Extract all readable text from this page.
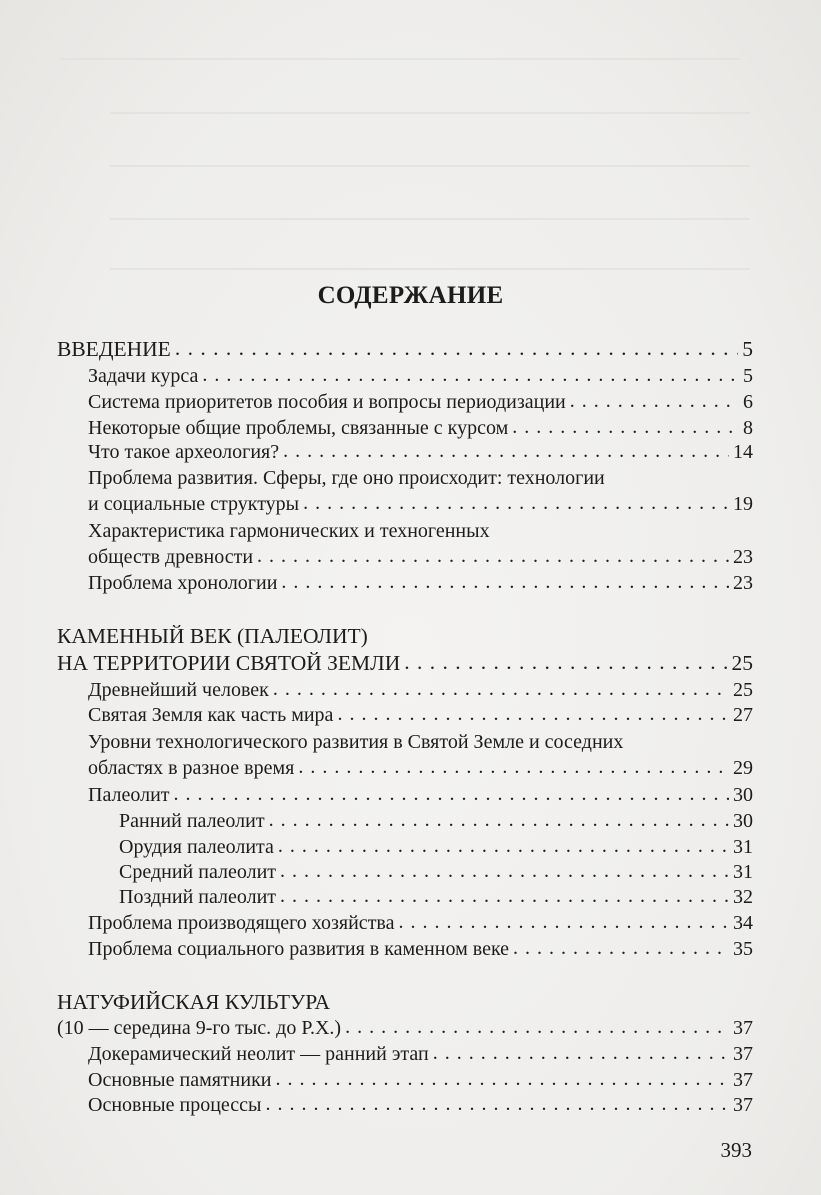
СОДЕРЖАНИЕ
ВВЕДЕНИЕ . . .	5
Задачи курса . . .	5
Система приоритетов пособия и вопросы периодизации . . .	6
Некоторые общие проблемы, связанные с курсом . . .	8
Что такое археология? . . .	14
Проблема развития. Сферы, где оно происходит: технологии
и социальные структуры . . .	19
Характеристика гармонических и техногенных
обществ древности . . .	23
Проблема хронологии . . .	23
КАМЕННЫЙ ВЕК (ПАЛЕОЛИТ)
НА ТЕРРИТОРИИ СВЯТОЙ ЗЕМЛИ . . .	25
Древнейший человек . . .	25
Святая Земля как часть мира . . .	27
Уровни технологического развития в Святой Земле и соседних
областях в разное время . . .	29
Палеолит . . .	30
Ранний палеолит . . .	30
Орудия палеолита . . .	31
Средний палеолит . . .	31
Поздний палеолит . . .	32
Проблема производящего хозяйства . . .	34
Проблема социального развития в каменном веке . . .	35
НАТУФИЙСКАЯ КУЛЬТУРА
(10 — середина 9-го тыс. до Р.Х.) . . .	37
Докерамический неолит — ранний этап . . .	37
Основные памятники . . .	37
Основные процессы . . .	37
393
